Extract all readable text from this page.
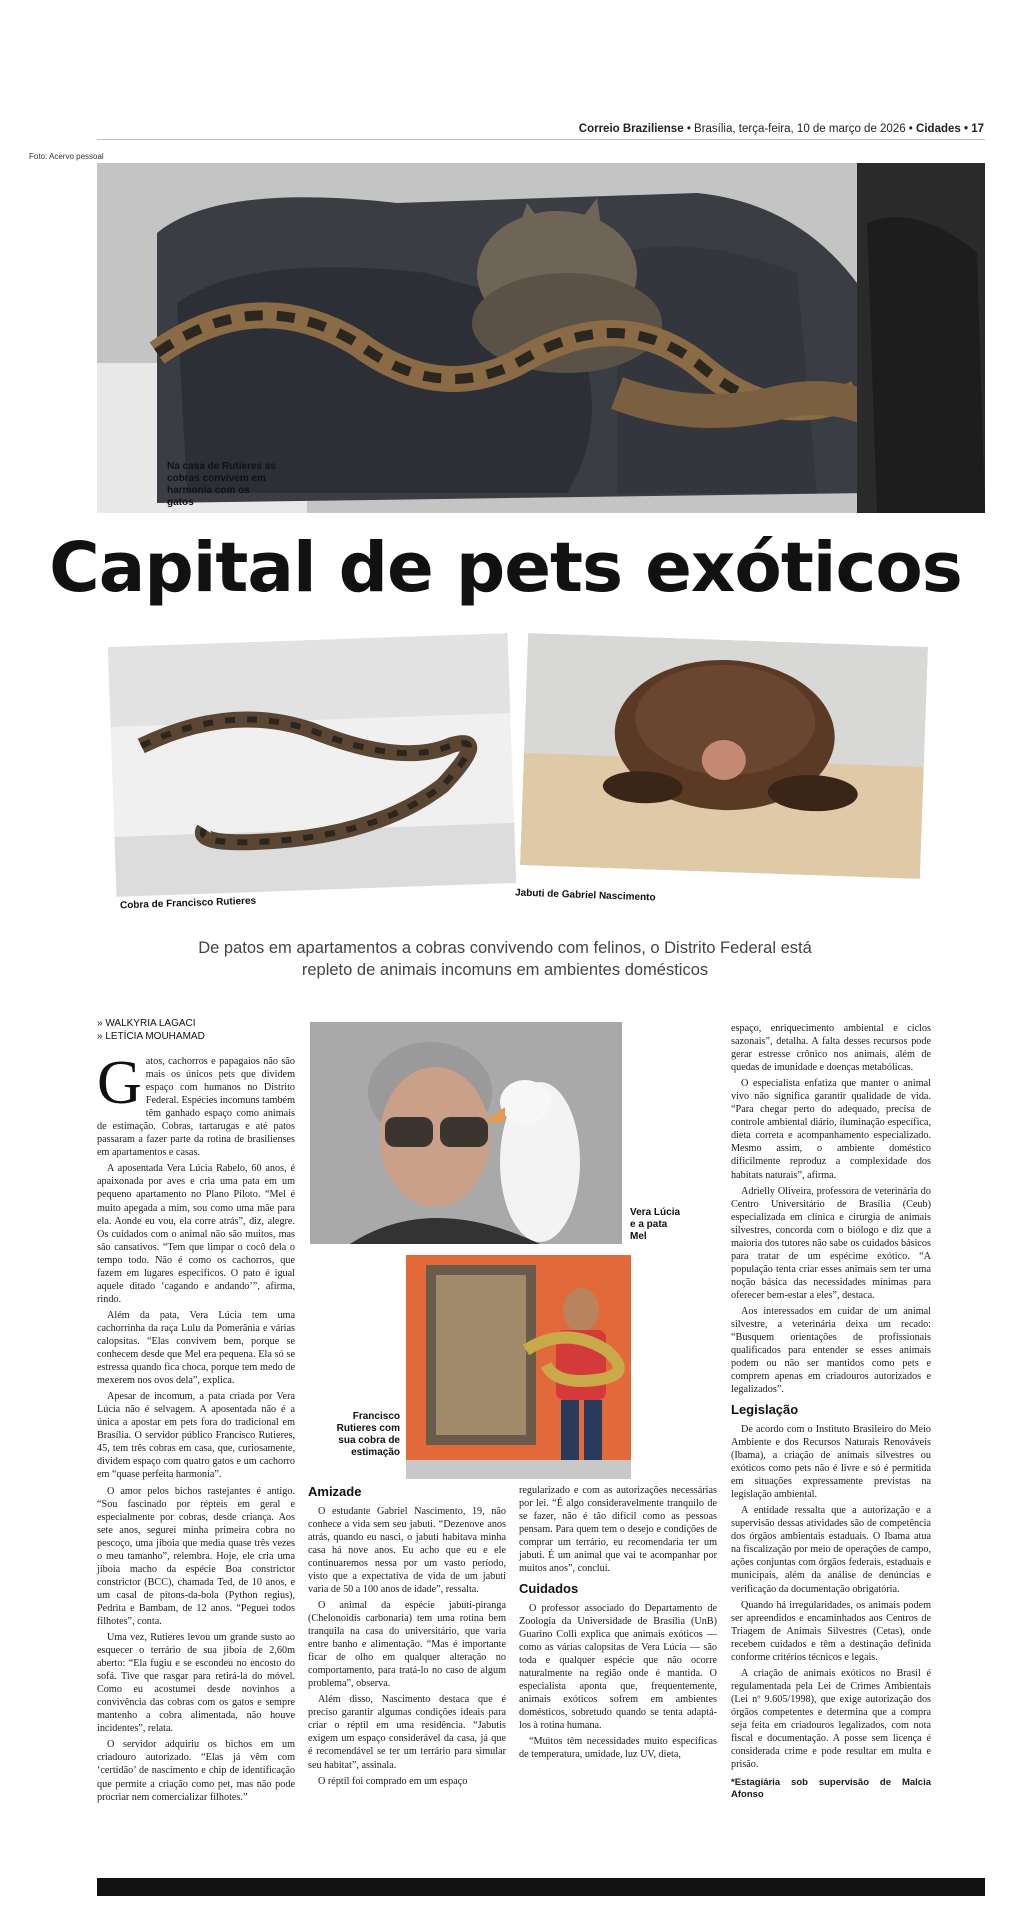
Correio Braziliense • Brasília, terça-feira, 10 de março de 2026 • Cidades • 17
Foto: Acervo pessoal
Na casa de Rutieres as cobras convivem em harmonia com os gatos
Capital de pets exóticos
Cobra de Francisco Rutieres
Jabuti de Gabriel Nascimento
De patos em apartamentos a cobras convivendo com felinos, o Distrito Federal está repleto de animais incomuns em ambientes domésticos
» WALKYRIA LAGACI
» LETÍCIA MOUHAMAD

Gatos, cachorros e papagaios não são mais os únicos pets que dividem espaço com humanos no Distrito Federal. Espécies incomuns também têm ganhado espaço como animais de estimação. Cobras, tartarugas e até patos passaram a fazer parte da rotina de brasilienses em apartamentos e casas.

A aposentada Vera Lúcia Rabelo, 60 anos, é apaixonada por aves e cria uma pata em um pequeno apartamento no Plano Piloto. “Mel é muito apegada a mim, sou como uma mãe para ela. Aonde eu vou, ela corre atrás”, diz, alegre. Os cuidados com o animal não são muitos, mas são cansativos. “Tem que limpar o cocô dela o tempo todo. Não é como os cachorros, que fazem em lugares específicos. O pato é igual aquele ditado ‘cagando e andando’”, afirma, rindo.

Além da pata, Vera Lúcia tem uma cachorrinha da raça Lulu da Pomerânia e várias calopsitas. “Elas convivem bem, porque se conhecem desde que Mel era pequena. Ela só se estressa quando fica choca, porque tem medo de mexerem nos ovos dela”, explica.

Apesar de incomum, a pata criada por Vera Lúcia não é selvagem. A aposentada não é a única a apostar em pets fora do tradicional em Brasília. O servidor público Francisco Rutieres, 45, tem três cobras em casa, que, curiosamente, dividem espaço com quatro gatos e um cachorro em “quase perfeita harmonia”.

O amor pelos bichos rastejantes é antigo. “Sou fascinado por répteis em geral e especialmente por cobras, desde criança. Aos sete anos, segurei minha primeira cobra no pescoço, uma jiboia que media quase três vezes o meu tamanho”, relembra. Hoje, ele cria uma jiboia macho da espécie Boa constrictor constrictor (BCC), chamada Ted, de 10 anos, e um casal de pítons-da-bola (Python regius), Pedrita e Bambam, de 12 anos. “Peguei todos filhotes”, conta.

Uma vez, Rutieres levou um grande susto ao esquecer o terrário de sua jiboia de 2,60m aberto: “Ela fugiu e se escondeu no encosto do sofá. Tive que rasgar para retirá-la do móvel. Como eu acostumei desde novinhos a convivência das cobras com os gatos e sempre mantenho a cobra alimentada, não houve incidentes”, relata.

O servidor adquiriu os bichos em um criadouro autorizado. “Elas já vêm com ‘certidão’ de nascimento e chip de identificação que permite a criação como pet, mas não pode procriar nem comercializar filhotes.”

Vera Lúcia e a pata Mel
Francisco Rutieres com sua cobra de estimação
Amizade

O estudante Gabriel Nascimento, 19, não conhece a vida sem seu jabuti. “Dezenove anos atrás, quando eu nasci, o jabuti habitava minha casa há nove anos. Eu acho que eu e ele continuaremos nessa por um vasto período, visto que a expectativa de vida de um jabuti varia de 50 a 100 anos de idade”, ressalta.

O animal da espécie jabuti-piranga (Chelonoidis carbonaria) tem uma rotina bem tranquila na casa do universitário, que varia entre banho e alimentação. “Mas é importante ficar de olho em qualquer alteração no comportamento, para tratá-lo no caso de algum problema”, observa.

Além disso, Nascimento destaca que é preciso garantir algumas condições ideais para criar o réptil em uma residência. “Jabutis exigem um espaço considerável da casa, já que é recomendável se ter um terrário para simular seu habitat”, assinala.

O réptil foi comprado em um espaço

regularizado e com as autorizações necessárias por lei. “É algo consideravelmente tranquilo de se fazer, não é tão difícil como as pessoas pensam. Para quem tem o desejo e condições de comprar um terrário, eu recomendaria ter um jabuti. É um animal que vai te acompanhar por muitos anos”, conclui.

Cuidados

O professor associado do Departamento de Zoologia da Universidade de Brasília (UnB) Guarino Colli explica que animais exóticos — como as várias calopsitas de Vera Lúcia — são toda e qualquer espécie que não ocorre naturalmente na região onde é mantida. O especialista aponta que, frequentemente, animais exóticos sofrem em ambientes domésticos, sobretudo quando se tenta adaptá-los à rotina humana.

“Muitos têm necessidades muito específicas de temperatura, umidade, luz UV, dieta,

espaço, enriquecimento ambiental e ciclos sazonais”, detalha. A falta desses recursos pode gerar estresse crônico nos animais, além de quedas de imunidade e doenças metabólicas.

O especialista enfatiza que manter o animal vivo não significa garantir qualidade de vida. “Para chegar perto do adequado, precisa de controle ambiental diário, iluminação específica, dieta correta e acompanhamento especializado. Mesmo assim, o ambiente doméstico dificilmente reproduz a complexidade dos habitats naturais”, afirma.

Adrielly Oliveira, professora de veterinária do Centro Universitário de Brasília (Ceub) especializada em clínica e cirurgia de animais silvestres, concorda com o biólogo e diz que a maioria dos tutores não sabe os cuidados básicos para tratar de um espécime exótico. “A população tenta criar esses animais sem ter uma noção básica das necessidades mínimas para oferecer bem-estar a eles”, destaca.

Aos interessados em cuidar de um animal silvestre, a veterinária deixa um recado: “Busquem orientações de profissionais qualificados para entender se esses animais podem ou não ser mantidos como pets e comprem apenas em criadouros autorizados e legalizados”.

Legislação

De acordo com o Instituto Brasileiro do Meio Ambiente e dos Recursos Naturais Renováveis (Ibama), a criação de animais silvestres ou exóticos como pets não é livre e só é permitida em situações expressamente previstas na legislação ambiental.

A entidade ressalta que a autorização e a supervisão dessas atividades são de competência dos órgãos ambientais estaduais. O Ibama atua na fiscalização por meio de operações de campo, ações conjuntas com órgãos federais, estaduais e municipais, além da análise de denúncias e verificação da documentação obrigatória.

Quando há irregularidades, os animais podem ser apreendidos e encaminhados aos Centros de Triagem de Animais Silvestres (Cetas), onde recebem cuidados e têm a destinação definida conforme critérios técnicos e legais.

A criação de animais exóticos no Brasil é regulamentada pela Lei de Crimes Ambientais (Lei nº 9.605/1998), que exige autorização dos órgãos competentes e determina que a compra seja feita em criadouros legalizados, com nota fiscal e documentação. A posse sem licença é considerada crime e pode resultar em multa e prisão.

*Estagiária sob supervisão de Malcia Afonso
